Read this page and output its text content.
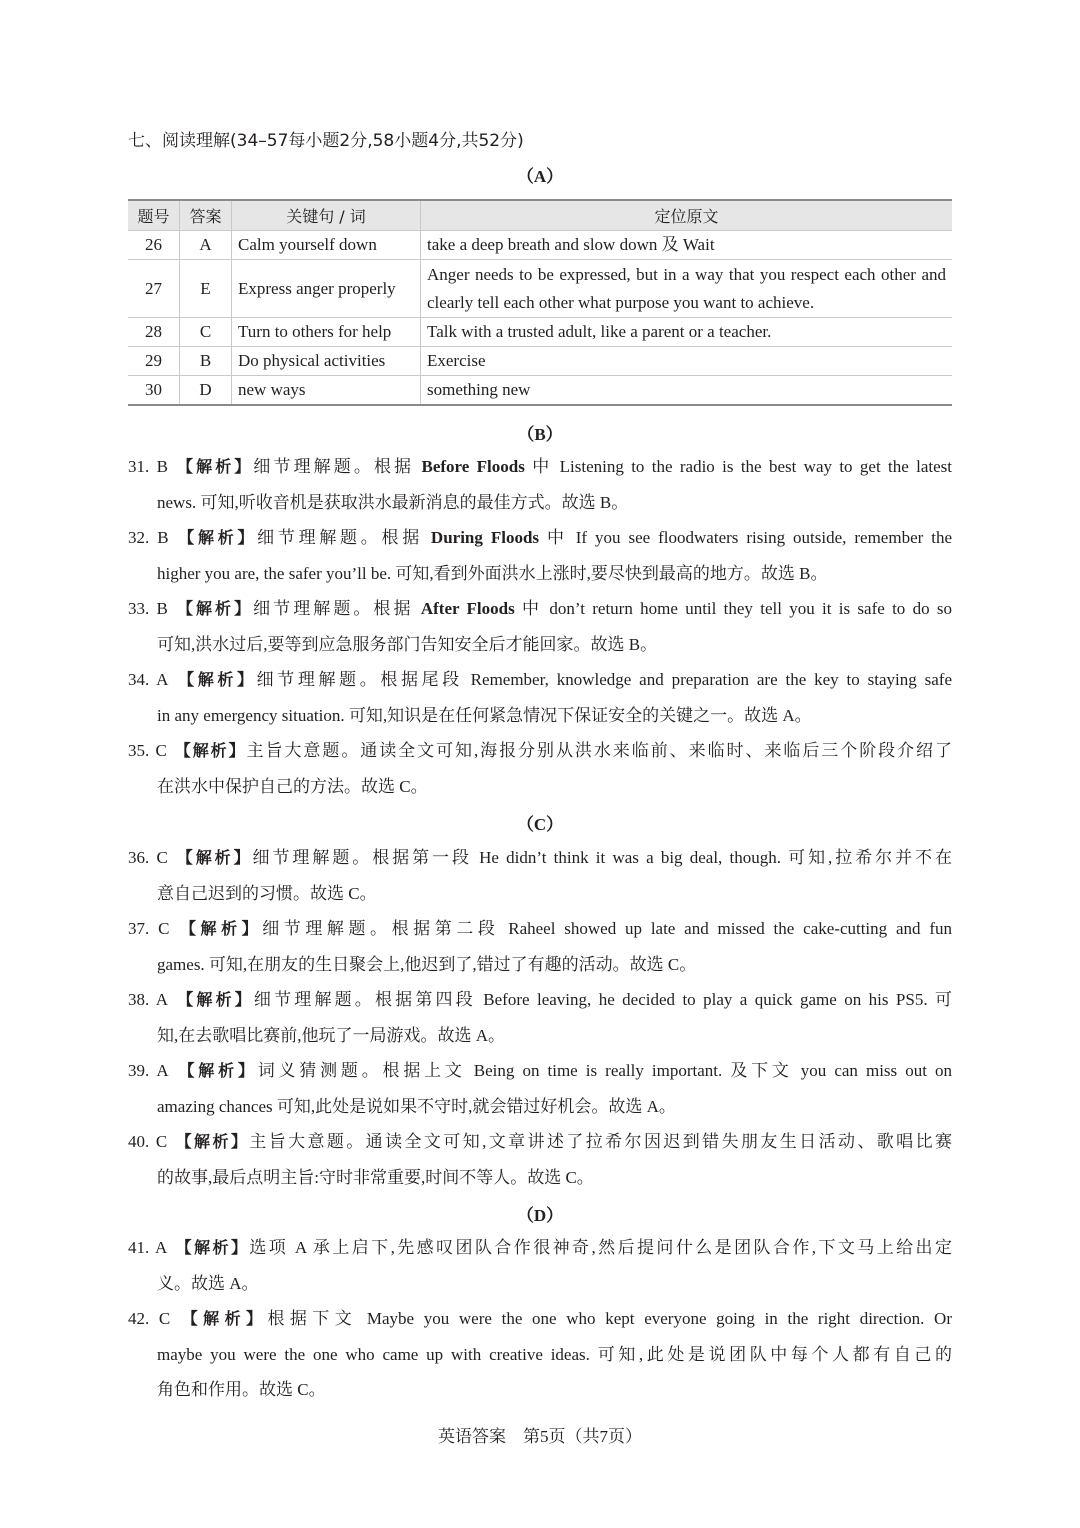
七、阅读理解(34–57每小题2分,58小题4分,共52分)
（A）
题号	答案	关键句 / 词	定位原文
26	A	Calm yourself down	take a deep breath and slow down 及 Wait
27	E	Express anger properly	Anger needs to be expressed, but in a way that you respect each other and clearly tell each other what purpose you want to achieve.
28	C	Turn to others for help	Talk with a trusted adult, like a parent or a teacher.
29	B	Do physical activities	Exercise
30	D	new ways	something new
（B）
31. B 【解析】细节理解题。根据 Before Floods 中 Listening to the radio is the best way to get the latest
news. 可知,听收音机是获取洪水最新消息的最佳方式。故选 B。
32. B 【解析】细节理解题。根据 During Floods 中 If you see floodwaters rising outside, remember the
higher you are, the safer you’ll be. 可知,看到外面洪水上涨时,要尽快到最高的地方。故选 B。
33. B 【解析】细节理解题。根据 After Floods 中 don’t return home until they tell you it is safe to do so
可知,洪水过后,要等到应急服务部门告知安全后才能回家。故选 B。
34. A 【解析】细节理解题。根据尾段 Remember, knowledge and preparation are the key to staying safe
in any emergency situation. 可知,知识是在任何紧急情况下保证安全的关键之一。故选 A。
35. C 【解析】主旨大意题。通读全文可知,海报分别从洪水来临前、来临时、来临后三个阶段介绍了
在洪水中保护自己的方法。故选 C。
（C）
36. C 【解析】细节理解题。根据第一段 He didn’t think it was a big deal, though. 可知,拉希尔并不在
意自己迟到的习惯。故选 C。
37. C 【解析】细节理解题。根据第二段 Raheel showed up late and missed the cake-cutting and fun
games. 可知,在朋友的生日聚会上,他迟到了,错过了有趣的活动。故选 C。
38. A 【解析】细节理解题。根据第四段 Before leaving, he decided to play a quick game on his PS5. 可
知,在去歌唱比赛前,他玩了一局游戏。故选 A。
39. A 【解析】词义猜测题。根据上文 Being on time is really important. 及下文 you can miss out on
amazing chances 可知,此处是说如果不守时,就会错过好机会。故选 A。
40. C 【解析】主旨大意题。通读全文可知,文章讲述了拉希尔因迟到错失朋友生日活动、歌唱比赛
的故事,最后点明主旨:守时非常重要,时间不等人。故选 C。
（D）
41. A 【解析】选项 A 承上启下,先感叹团队合作很神奇,然后提问什么是团队合作,下文马上给出定
义。故选 A。
42. C 【解析】根据下文 Maybe you were the one who kept everyone going in the right direction. Or
maybe you were the one who came up with creative ideas. 可知,此处是说团队中每个人都有自己的
角色和作用。故选 C。
英语答案　第5页（共7页）
